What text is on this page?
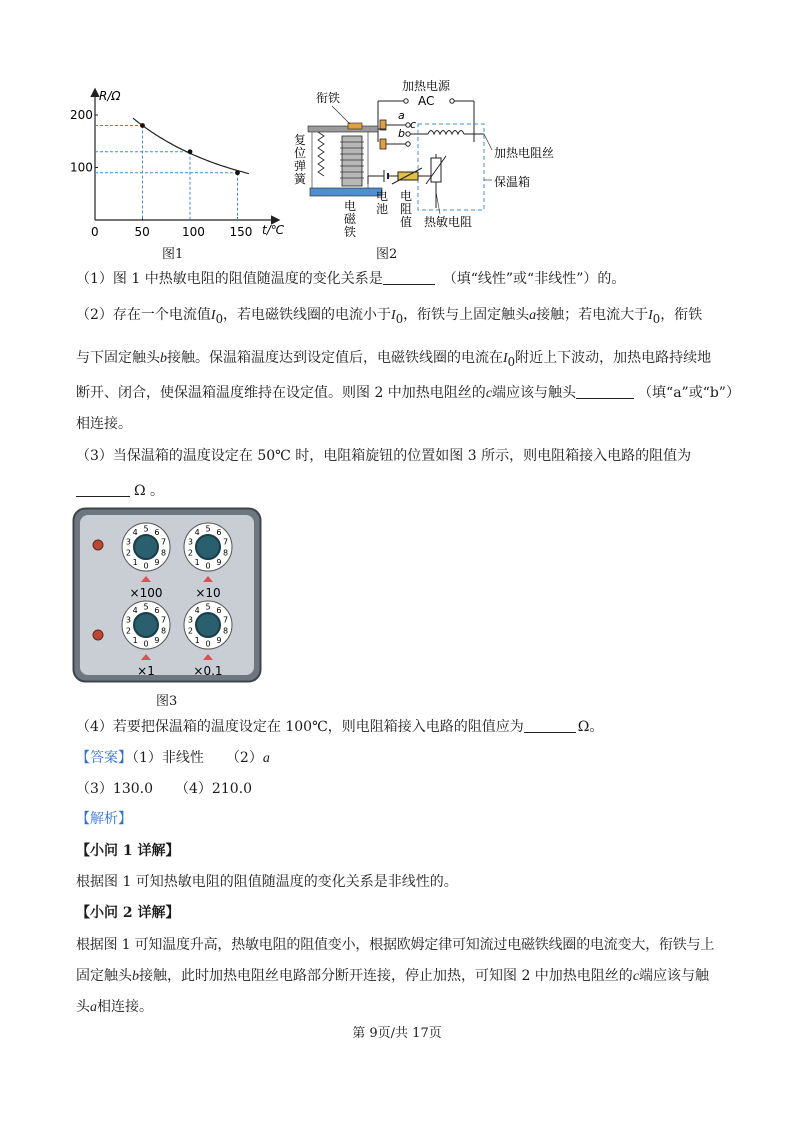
0	50	100 150
200
100
R/Ω
t/℃
图1
衔铁
加热电源
AC
a
c
b
加热电阻丝
保温箱
热敏电阻
复
位
弹
簧
电
磁
铁
电
池
电
阻
值
图2
（1）图 1 中热敏电阻的阻值随温度的变化关系是	（填“线性”或“非线性”）的。
（2）存在一个电流值$I_0$，若电磁铁线圈的电流小于$I_0$，衔铁与上固定触头a接触；若电流大于$I_0$，衔铁
与下固定触头b接触。保温箱温度达到设定值后，电磁铁线圈的电流在$I_0$附近上下波动，加热电路持续地
断开、闭合，使保温箱温度维持在设定值。则图 2 中加热电阻丝的c端应该与触头	（填“a”或“b”）
相连接。
（3）当保温箱的温度设定在 50℃ 时，电阻箱旋钮的位置如图 3 所示，则电阻箱接入电路的阻值为
Ω 。
0
1
2
3
4 5 6
7
8
9
×100
0
1
2
3
4 5 6
7
8
9
×10
0
1
2
3
4 5 6
7
8
9
×1
0
1
2
3
4 5 6
7
8
9
×0.1
图3
（4）若要把保温箱的温度设定在 100℃，则电阻箱接入电路的阻值应为	Ω。
【答案】（1）非线性 （2）a
（3）130.0 （4）210.0
【解析】
【小问 1 详解】
根据图 1 可知热敏电阻的阻值随温度的变化关系是非线性的。
【小问 2 详解】
根据图 1 可知温度升高，热敏电阻的阻值变小，根据欧姆定律可知流过电磁铁线圈的电流变大，衔铁与上
固定触头b接触，此时加热电阻丝电路部分断开连接，停止加热，可知图 2 中加热电阻丝的c端应该与触
头a相连接。
第 9页/共 17页
